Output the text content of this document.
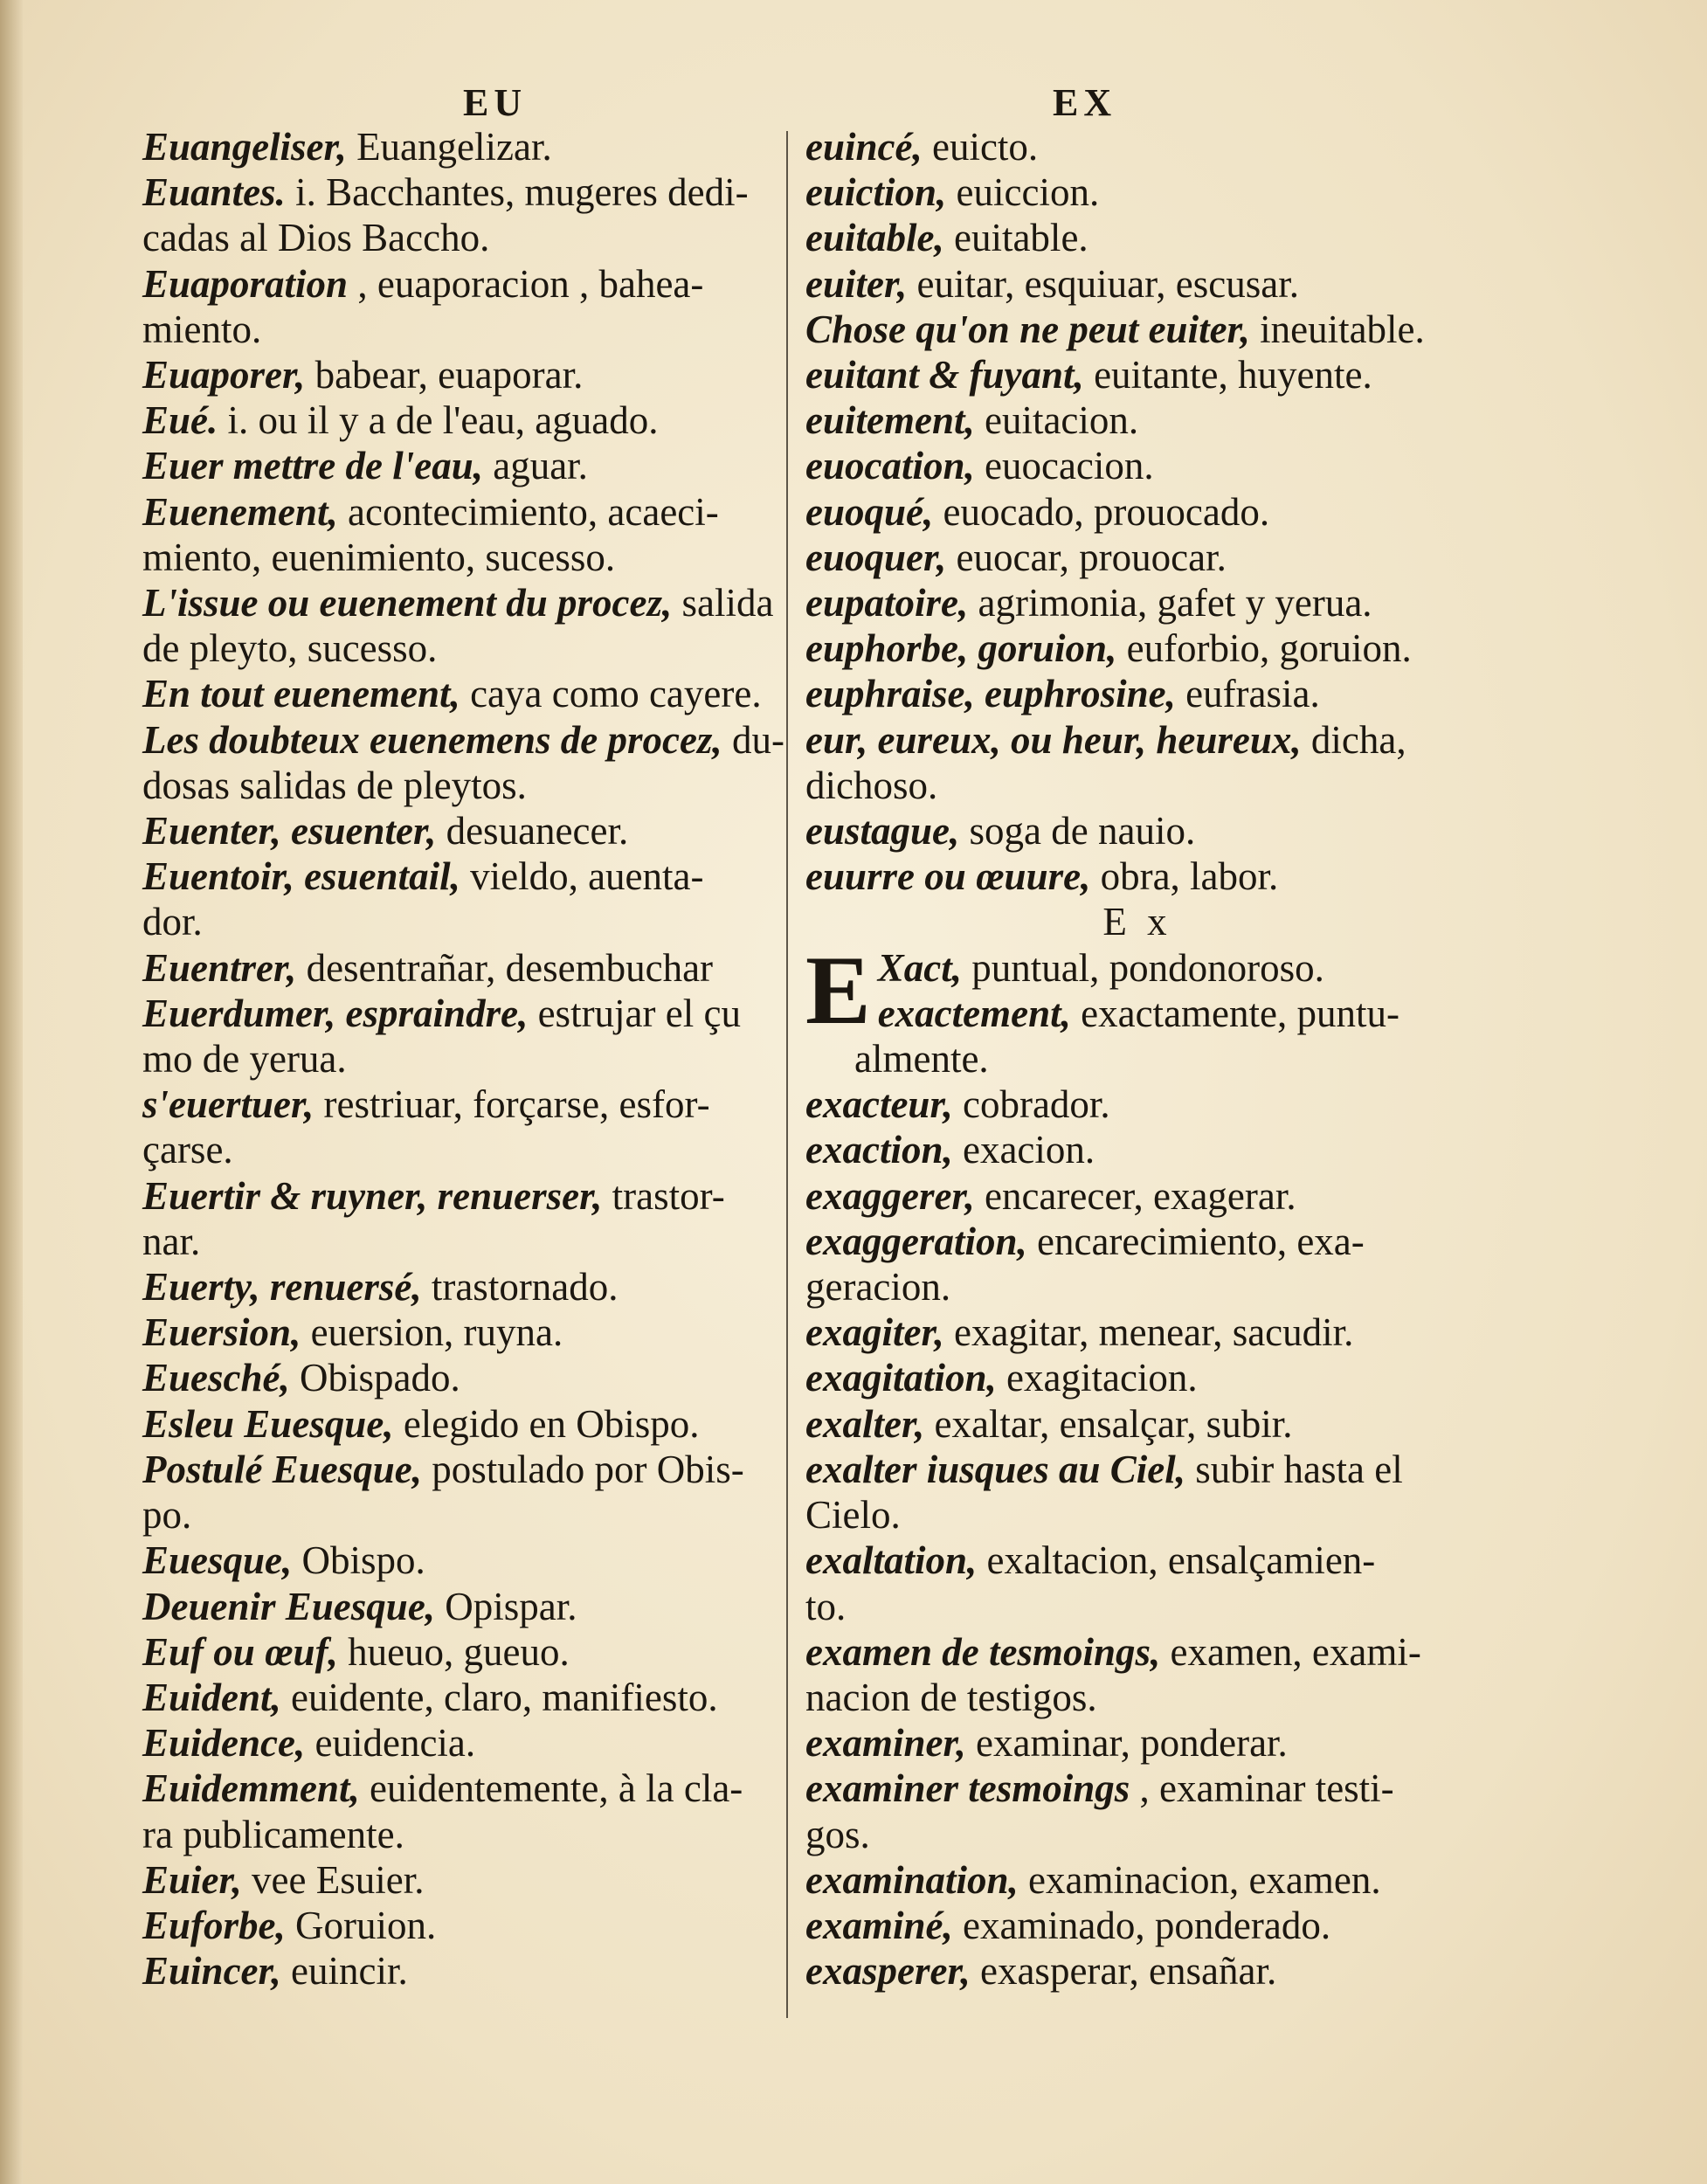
EU	EX

Euangeliser, Euangelizar.

Euantes. i. Bacchantes, mugeres dedi-

cadas al Dios Baccho.

Euaporation , euaporacion , bahea-

miento.

Euaporer, babear, euaporar.

Eué. i. ou il y a de l'eau, aguado.

Euer mettre de l'eau, aguar.

Euenement, acontecimiento, acaeci-

miento, euenimiento, sucesso.

L'issue ou euenement du procez, salida

de pleyto, sucesso.

En tout euenement, caya como cayere.

Les doubteux euenemens de procez, du-

dosas salidas de pleytos.

Euenter, esuenter, desuanecer.

Euentoir, esuentail, vieldo, auenta-

dor.

Euentrer, desentrañar, desembuchar

Euerdumer, espraindre, estrujar el çu

mo de yerua.

s'euertuer, restriuar, forçarse, esfor-

çarse.

Euertir & ruyner, renuerser, trastor-

nar.

Euerty, renuersé, trastornado.

Euersion, euersion, ruyna.

Euesché, Obispado.

Esleu Euesque, elegido en Obispo.

Postulé Euesque, postulado por Obis-

po.

Euesque, Obispo.

Deuenir Euesque, Opispar.

Euf ou œuf, hueuo, gueuo.

Euident, euidente, claro, manifiesto.

Euidence, euidencia.

Euidemment, euidentemente, à la cla-

ra publicamente.

Euier, vee Esuier.

Euforbe, Goruion.

Euincer, euincir.

euincé, euicto.

euiction, euiccion.

euitable, euitable.

euiter, euitar, esquiuar, escusar.

Chose qu'on ne peut euiter, ineuitable.

euitant & fuyant, euitante, huyente.

euitement, euitacion.

euocation, euocacion.

euoqué, euocado, prouocado.

euoquer, euocar, prouocar.

eupatoire, agrimonia, gafet y yerua.

euphorbe, goruion, euforbio, goruion.

euphraise, euphrosine, eufrasia.

eur, eureux, ou heur, heureux, dicha,

dichoso.

eustague, soga de nauio.

euurre ou œuure, obra, labor.

E x

E Xact, puntual, pondonoroso.

exactement, exactamente, puntu-

almente.

exacteur, cobrador.

exaction, exacion.

exaggerer, encarecer, exagerar.

exaggeration, encarecimiento, exa-

geracion.

exagiter, exagitar, menear, sacudir.

exagitation, exagitacion.

exalter, exaltar, ensalçar, subir.

exalter iusques au Ciel, subir hasta el

Cielo.

exaltation, exaltacion, ensalçamien-

to.

examen de tesmoings, examen, exami-

nacion de testigos.

examiner, examinar, ponderar.

examiner tesmoings , examinar testi-

gos.

examination, examinacion, examen.

examiné, examinado, ponderado.

exasperer, exasperar, ensañar.
